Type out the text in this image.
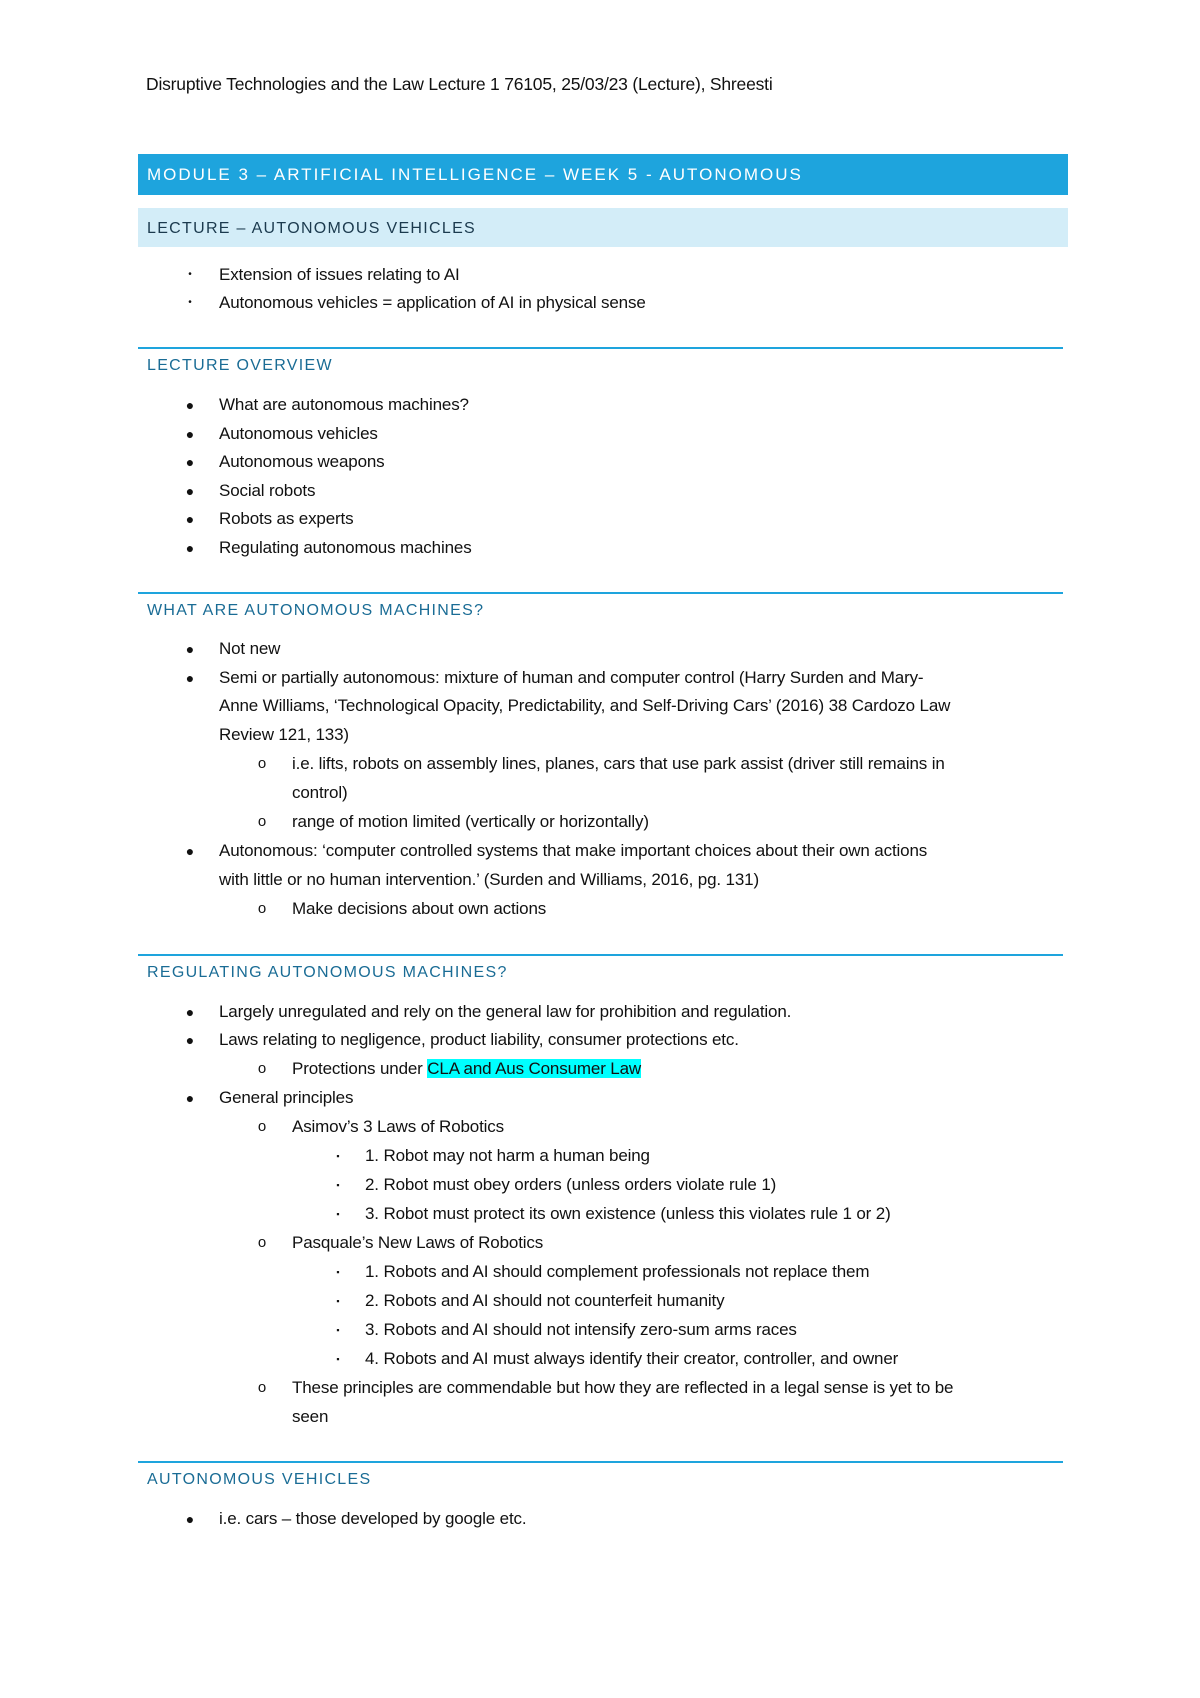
Disruptive Technologies and the Law Lecture 1 76105, 25/03/23 (Lecture), Shreesti
MODULE 3 – ARTIFICIAL INTELLIGENCE – WEEK 5 - AUTONOMOUS
LECTURE – AUTONOMOUS VEHICLES
•	Extension of issues relating to AI
•	Autonomous vehicles = application of AI in physical sense
LECTURE OVERVIEW
● What are autonomous machines?
● Autonomous vehicles
● Autonomous weapons
● Social robots
● Robots as experts
● Regulating autonomous machines
WHAT ARE AUTONOMOUS MACHINES?
● Not new
● Semi or partially autonomous: mixture of human and computer control (Harry Surden and Mary-
Anne Williams, ‘Technological Opacity, Predictability, and Self-Driving Cars’ (2016) 38 Cardozo Law
Review 121, 133)
o i.e. lifts, robots on assembly lines, planes, cars that use park assist (driver still remains in
control)
o range of motion limited (vertically or horizontally)
● Autonomous: ‘computer controlled systems that make important choices about their own actions
with little or no human intervention.’ (Surden and Williams, 2016, pg. 131)
o Make decisions about own actions
REGULATING AUTONOMOUS MACHINES?
● Largely unregulated and rely on the general law for prohibition and regulation.
● Laws relating to negligence, product liability, consumer protections etc.
o Protections under CLA and Aus Consumer Law
● General principles
o Asimov’s 3 Laws of Robotics
▪	1. Robot may not harm a human being
▪	2. Robot must obey orders (unless orders violate rule 1)
▪	3. Robot must protect its own existence (unless this violates rule 1 or 2)
o Pasquale’s New Laws of Robotics
▪	1. Robots and AI should complement professionals not replace them
▪	2. Robots and AI should not counterfeit humanity
▪	3. Robots and AI should not intensify zero-sum arms races
▪	4. Robots and AI must always identify their creator, controller, and owner
o These principles are commendable but how they are reflected in a legal sense is yet to be
seen
AUTONOMOUS VEHICLES
● i.e. cars – those developed by google etc.
